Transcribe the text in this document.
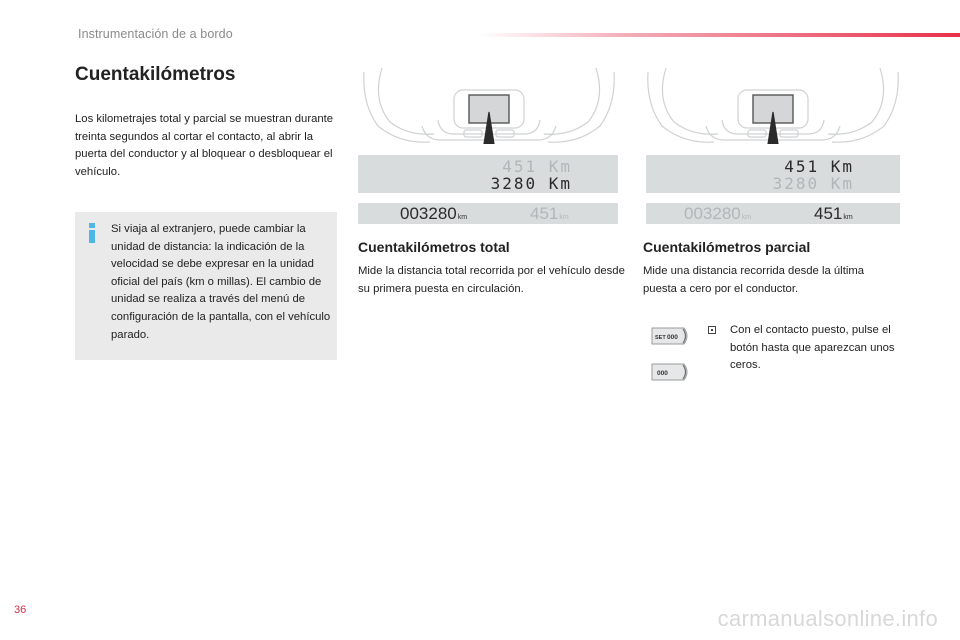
Instrumentación de a bordo
Cuentakilómetros

Los kilometrajes total y parcial se muestran durante treinta segundos al cortar el contacto, al abrir la puerta del conductor y al bloquear o desbloquear el vehículo.

Si viaja al extranjero, puede cambiar la unidad de distancia: la indicación de la velocidad se debe expresar en la unidad oficial del país (km o millas). El cambio de unidad se realiza a través del menú de configuración de la pantalla, con el vehículo parado.

451 Km
3280 Km
003280km	451km
Cuentakilómetros total

Mide la distancia total recorrida por el vehículo desde su primera puesta en circulación.

451 Km
3280 Km
003280km	451km
Cuentakilómetros parcial

Mide una distancia recorrida desde la última puesta a cero por el conductor.

SET 000
000
Con el contacto puesto, pulse el botón hasta que aparezcan unos ceros.
36	carmanualsonline.info
